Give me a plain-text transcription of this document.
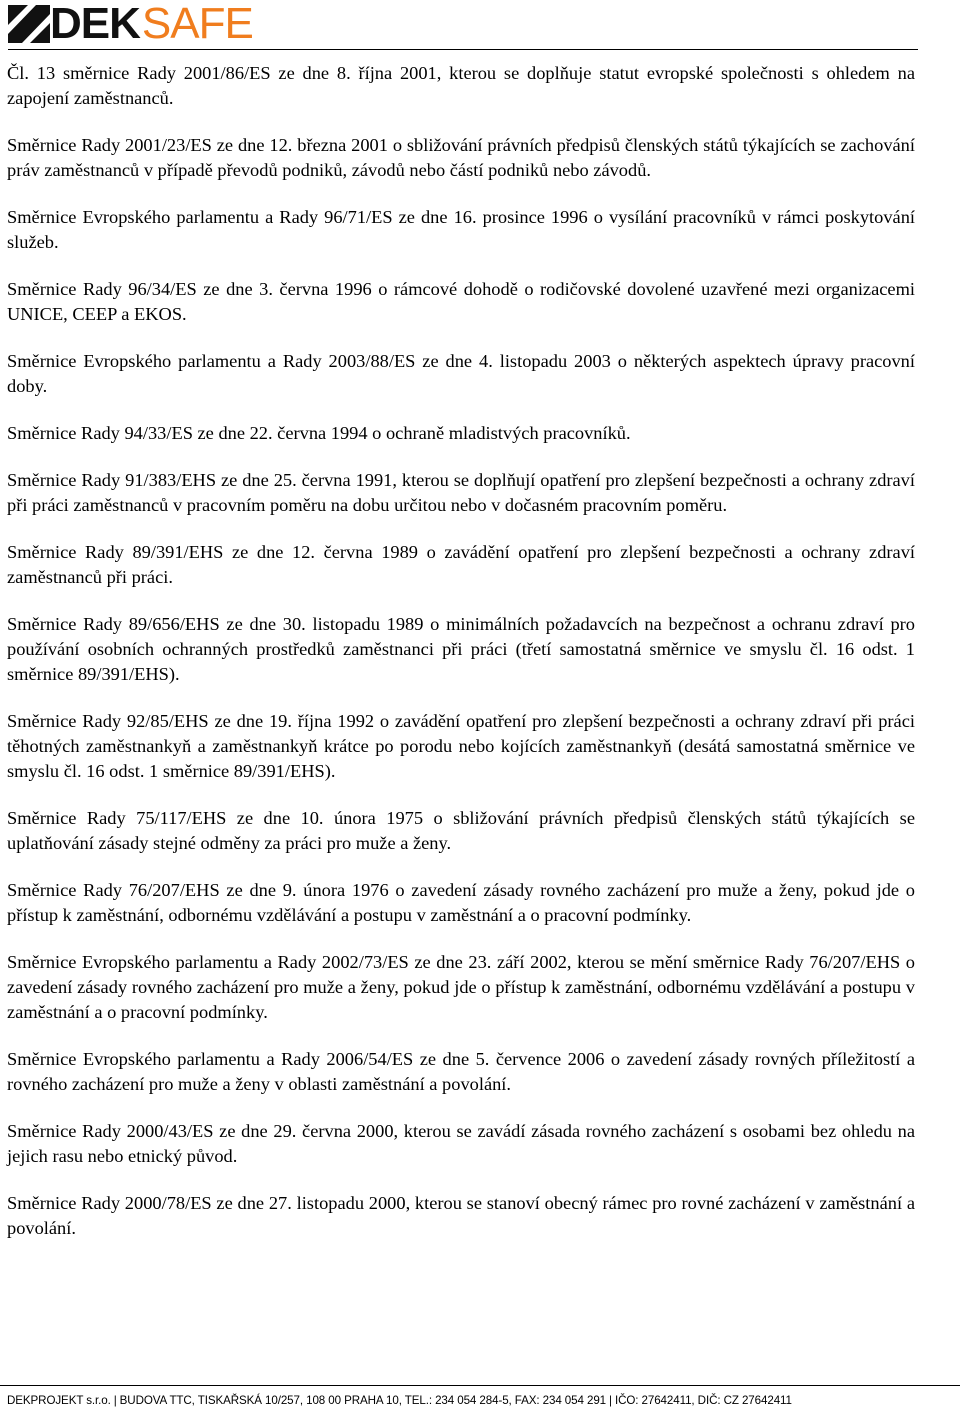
DEKSAFE

Čl. 13 směrnice Rady 2001/86/ES ze dne 8. října 2001, kterou se doplňuje statut evropské společnosti s ohledem na zapojení zaměstnanců.

Směrnice Rady 2001/23/ES ze dne 12. března 2001 o sbližování právních předpisů členských států týkajících se zachování práv zaměstnanců v případě převodů podniků, závodů nebo částí podniků nebo závodů.

Směrnice Evropského parlamentu a Rady 96/71/ES ze dne 16. prosince 1996 o vysílání pracovníků v rámci poskytování služeb.

Směrnice Rady 96/34/ES ze dne 3. června 1996 o rámcové dohodě o rodičovské dovolené uzavřené mezi organizacemi UNICE, CEEP a EKOS.

Směrnice Evropského parlamentu a Rady 2003/88/ES ze dne 4. listopadu 2003 o některých aspektech úpravy pracovní doby.

Směrnice Rady 94/33/ES ze dne 22. června 1994 o ochraně mladistvých pracovníků.

Směrnice Rady 91/383/EHS ze dne 25. června 1991, kterou se doplňují opatření pro zlepšení bezpečnosti a ochrany zdraví při práci zaměstnanců v pracovním poměru na dobu určitou nebo v dočasném pracovním poměru.

Směrnice Rady 89/391/EHS ze dne 12. června 1989 o zavádění opatření pro zlepšení bezpečnosti a ochrany zdraví zaměstnanců při práci.

Směrnice Rady 89/656/EHS ze dne 30. listopadu 1989 o minimálních požadavcích na bezpečnost a ochranu zdraví pro používání osobních ochranných prostředků zaměstnanci při práci (třetí samostatná směrnice ve smyslu čl. 16 odst. 1 směrnice 89/391/EHS).

Směrnice Rady 92/85/EHS ze dne 19. října 1992 o zavádění opatření pro zlepšení bezpečnosti a ochrany zdraví při práci těhotných zaměstnankyň a zaměstnankyň krátce po porodu nebo kojících zaměstnankyň (desátá samostatná směrnice ve smyslu čl. 16 odst. 1 směrnice 89/391/EHS).

Směrnice Rady 75/117/EHS ze dne 10. února 1975 o sbližování právních předpisů členských států týkajících se uplatňování zásady stejné odměny za práci pro muže a ženy.

Směrnice Rady 76/207/EHS ze dne 9. února 1976 o zavedení zásady rovného zacházení pro muže a ženy, pokud jde o přístup k zaměstnání, odbornému vzdělávání a postupu v zaměstnání a o pracovní podmínky.

Směrnice Evropského parlamentu a Rady 2002/73/ES ze dne 23. září 2002, kterou se mění směrnice Rady 76/207/EHS o zavedení zásady rovného zacházení pro muže a ženy, pokud jde o přístup k zaměstnání, odbornému vzdělávání a postupu v zaměstnání a o pracovní podmínky.

Směrnice Evropského parlamentu a Rady 2006/54/ES ze dne 5. července 2006 o zavedení zásady rovných příležitostí a rovného zacházení pro muže a ženy v oblasti zaměstnání a povolání.

Směrnice Rady 2000/43/ES ze dne 29. června 2000, kterou se zavádí zásada rovného zacházení s osobami bez ohledu na jejich rasu nebo etnický původ.

Směrnice Rady 2000/78/ES ze dne 27. listopadu 2000, kterou se stanoví obecný rámec pro rovné zacházení v zaměstnání a povolání.

DEKPROJEKT s.r.o. | BUDOVA TTC, TISKAŘSKÁ 10/257, 108 00 PRAHA 10, TEL.: 234 054 284-5, FAX: 234 054 291 | IČO: 27642411, DIČ: CZ 27642411
